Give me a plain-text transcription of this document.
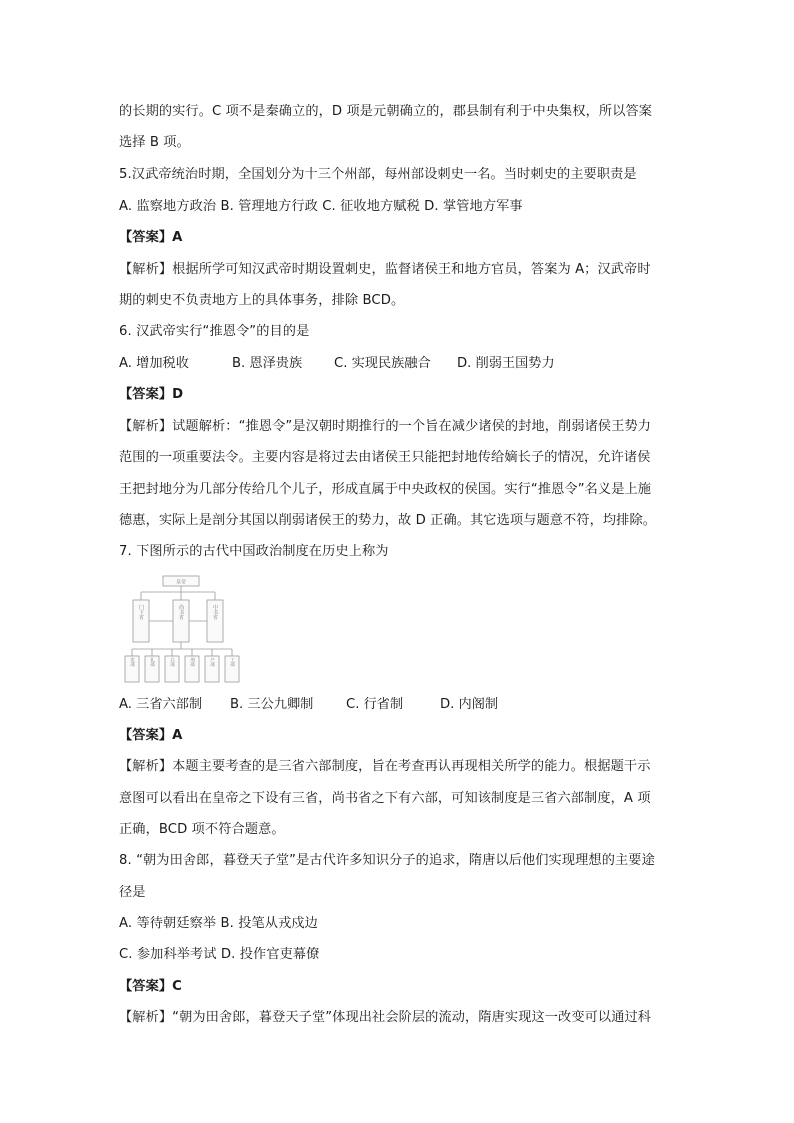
的长期的实行。C 项不是秦确立的，D 项是元朝确立的，郡县制有利于中央集权，所以答案
选择 B 项。
5.汉武帝统治时期，全国划分为十三个州部，每州部设刺史一名。当时刺史的主要职责是
A. 监察地方政治 B. 管理地方行政 C. 征收地方赋税 D. 掌管地方军事
【答案】A
【解析】根据所学可知汉武帝时期设置刺史，监督诸侯王和地方官员，答案为 A；汉武帝时
期的刺史不负责地方上的具体事务，排除 BCD。
6. 汉武帝实行“推恩令”的目的是
A. 增加税收	B. 恩泽贵族 C. 实现民族融合 D. 削弱王国势力
【答案】D
【解析】试题解析：“推恩令”是汉朝时期推行的一个旨在减少诸侯的封地，削弱诸侯王势力
范围的一项重要法令。主要内容是将过去由诸侯王只能把封地传给嫡长子的情况，允许诸侯
王把封地分为几部分传给几个儿子，形成直属于中央政权的侯国。实行“推恩令”名义是上施
德惠，实际上是剖分其国以削弱诸侯王的势力，故 D 正确。其它选项与题意不符，均排除。
7. 下图所示的古代中国政治制度在历史上称为
皇帝
门下省	尚书省	中书省
吏部	礼部	兵部	刑部	户部	工部
A. 三省六部制 B. 三公九卿制 C. 行省制	D. 内阁制
【答案】A
【解析】本题主要考查的是三省六部制度，旨在考查再认再现相关所学的能力。根据题干示
意图可以看出在皇帝之下设有三省，尚书省之下有六部，可知该制度是三省六部制度，A 项
正确，BCD 项不符合题意。
8. “朝为田舍郎，暮登天子堂”是古代许多知识分子的追求，隋唐以后他们实现理想的主要途
径是
A. 等待朝廷察举 B. 投笔从戎戍边
C. 参加科举考试 D. 投作官吏幕僚
【答案】C
【解析】“朝为田舍郎，暮登天子堂”体现出社会阶层的流动，隋唐实现这一改变可以通过科
